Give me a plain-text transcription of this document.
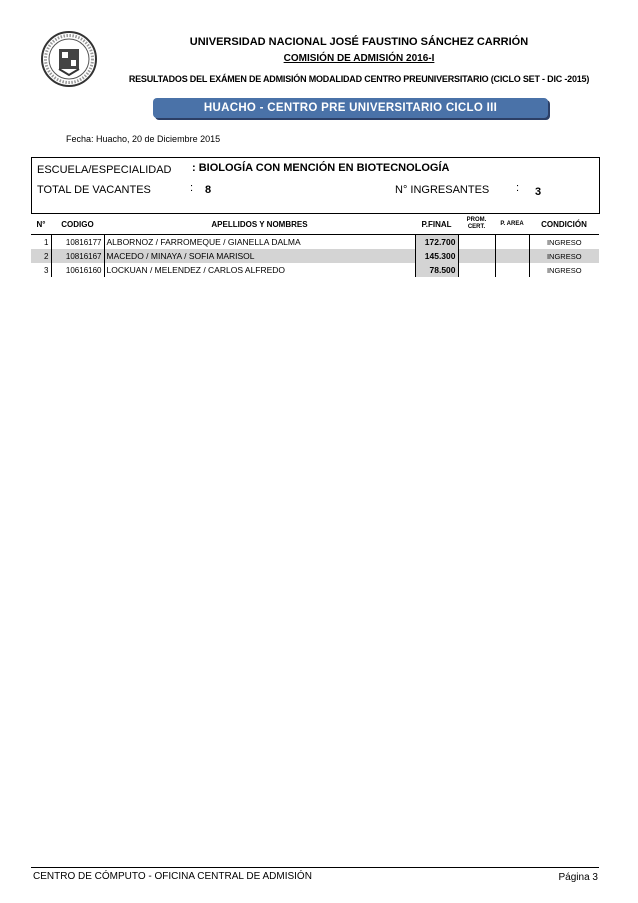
UNIVERSIDAD NACIONAL JOSÉ FAUSTINO SÁNCHEZ CARRIÓN
COMISIÓN DE ADMISIÓN 2016-I
RESULTADOS DEL EXÁMEN DE ADMISIÓN MODALIDAD CENTRO PREUNIVERSITARIO (CICLO SET - DIC -2015)
HUACHO - CENTRO PRE UNIVERSITARIO CICLO III
Fecha: Huacho, 20 de Diciembre 2015
ESCUELA/ESPECIALIDAD : BIOLOGÍA CON MENCIÓN EN BIOTECNOLOGÍA
TOTAL DE VACANTES	: 8	N° INGRESANTES : 3
N°	CODIGO	APELLIDOS Y NOMBRES	P.FINAL	PROM. CERT.	P. AREA	CONDICIÓN
1	10816177	ALBORNOZ / FARROMEQUE / GIANELLA DALMA	172.700			INGRESO
2	10816167	MACEDO / MINAYA / SOFIA MARISOL	145.300			INGRESO
3	10616160	LOCKUAN / MELENDEZ / CARLOS ALFREDO	78.500			INGRESO
CENTRO DE CÓMPUTO - OFICINA CENTRAL DE ADMISIÓN	Página 3
